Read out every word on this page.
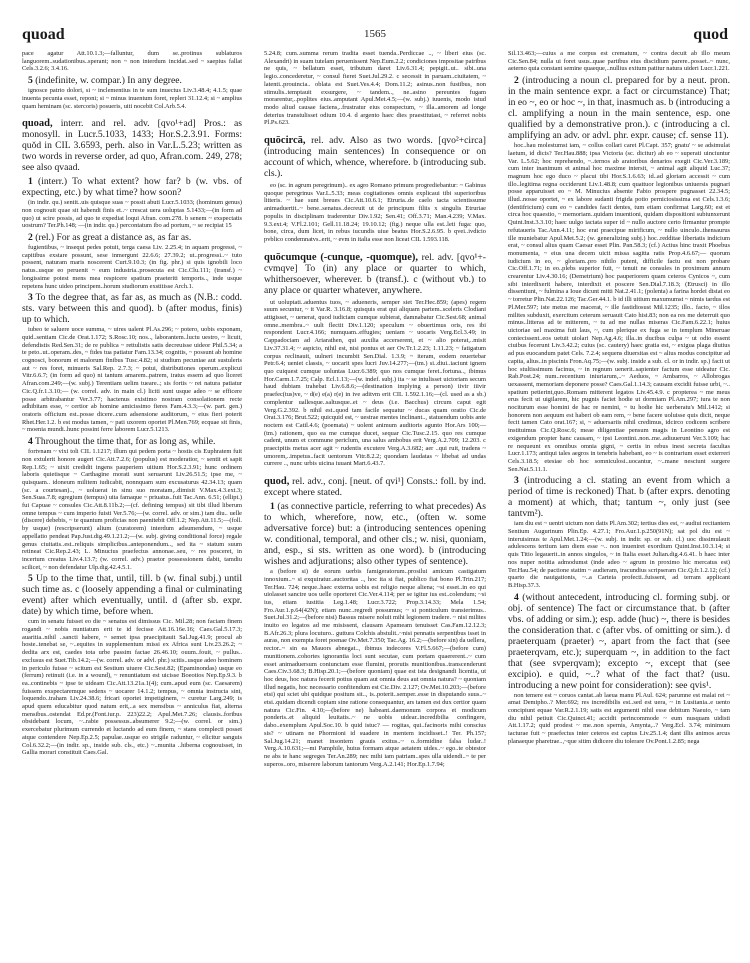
quoad	1565	quod

pace agatur Att.10.1.3;—falluntur, dum se..protinus sublaturos languorem..sudationibus..sperant; non ~ non interdum incidat..sed ~ saepius fallat Cels.3.2.6; 3.4.16.

5 (indefinite, w. compar.) In any degree.

ignosce patrio dolori, si ~ inclementius in te sum inuectus Liv.3.48.4; 4.1.5; quae inuenta pecunia esset, reponi; si ~ minus inuentum foret, repleri 31.12.4; si ~ amplius quam heminam (sc. stercoris) posueris, uiti nocebit Col.Arb.5.4.

quoad, interr. and rel. adv. [qvo¹+ad] Pros.: as monosyll. in Lucr.5.1033, 1433; Hor.S.2.3.91. Forms: quŏd in CIL 3.6593, perh. also in Var.L.5.23; written as two words in reverse order, ad quo, Afran.com. 249, 278; see also qvaad.

1 (interr.) To what extent? how far? b (w. vbs. of expecting, etc.) by what time? how soon?

(in indir. qu.) sentit..uis quisque suas ~ possit abuti Lucr.5.1033; (hominum genus) non cognouit quae sit habendi finis et..~ crescat uera uoluptas 5.1433;—(in form ad quo) ut scire possis, ad quo te expediat loqui Afran. com.278. b senem ~ exspectatis uostrum? Ter.Ph.148; —(in indir. qu.) percontatum ibo ad portum, ~ se recipiat 15

2 (rel.) For as great a distance as, as far as.

fugientibus, ~ insequi pedes potuit, terga caesa Liv. 2.25.4; in aquam progressi, ~ capitibus exstare possunt, sese inmergunt 22.6.6; 27.39.2; ut..progressi..~ tuto possent, naturam maris noscerent Curt.9.10.3; (in fig. phr.) si quis ignobili loco natus..usque eo peruenit ~ eum industria..prosecuta est Cic.Clu.111; (transf.) ~ longissime potest mens mea respicere spatium praeteriti temporis.., inde usque repetens hunc uideo principem..horum studiorum exstitisse Arch.1.

3 To the degree that, as far as, as much as (N.B.: codd. sts. vary between this and quod). b (after modus, finis) up to which.

iubeo te saluere uoce summa, ~ uires ualent Pl.As.296; ~ potero, uobis exponam, quid..sentiam Cic.de Orat.1.172; S.Rosc.10; nos.., laborantem..luctu uestro, ~ licuit, defendistis Red.Sen.31; de re publica ~ rettulistis satis decreuisse uideor Phil.5.34; a te peto..ut..operam..des, ~ fides tua patiatur Fam.13.34; cognitis, ~ possunt ab homine cognosci, bonorum et malorum finibus Tusc.4.82; si studium pecuniae aut sustuleris aut ~ res foret, minueris Sal.Rep. 2.7.3; ~ potui, distributiones operum..explicui Vitr.6.6.7; (in form ad quo) ni tantum amarem..patrem, iratus essem ad quo liceret Afran.com.249;—(w. subj.) Terentiam uelim tueare..; sis fortis ~ rei natura patiatur Cic.Q.fr.1.3.10;— (w. correl. adv. in main cl.) liciti sunt usque adeo ~ se efficere posse arbitrabantur Ver.3.77; hactenus existimo nostram consolationem recte adhibitam esse, ~ certior ab homine amicissimo fieres Fam.4.3.3;—(w. part. gen.) oratoris officium est..posse dicere..cum adsensione auditorum, ~ eius fieri poterit Rhet.Her.1.2. b est modus tamen, ~ pati uxorem oportet Pl.Men.769; ecquae sit finis, ~ moenia mundi..hunc possint ferre laborem Lucr.5.1213.

4 Throughout the time that, for as long as, while.

fortvnam ~ vixi toli CIL 1.1217; illum qui pedem porta ~ hostis cis Euphratem fuit non extulerit honore augeri Cic.Att.7.2.6; (populus) est moderatior, ~ sentit et sapit Rep.1.65; ~ uixit credidit ingens pauperiem uitium Hor.S.2.3.91; hunc ordinem laboris quietisque ~ Carthagine morati sunt seruarunt Liv.26.51.5; ipse me, ~ quisquam.. idoneum militem iudicabit, nonnquam sum excusaturus 42.34.13; quam (sc. a courtesan).., ~ uoluerat in sinu suo moratam,..dimisit V.Max.4.3.ext.3; Sen.Suas.7.8; egregium (tempus) uita famaque ~ priuatus..fuit Tac.Ann. 6.51; (ellipt.) fui Capuae ~ consules Cic.Att.8.11b.2;—(cf. defining tempus) sit tibi illud liberum omne tempus ~ cum imperio fuisti Ver.5.76;—(w. correl. adv. or sim.) tam diu.. uelle (discere) debebis, ~ te quantum proficias non paenitebit Off.1.2; Nep.Att.11.5;—(foll. by usque) (rescripserunt) alium (curatorem) interdum adsumendum, ~ usque appellatio pendeat Pap.Just.dig.49.1.21.2;—(w. subj. giving conditional force) regale genus ciuitatis..est..reliquis simplicibus..anteponendum.., sed ita ~ statum suum retineat Cic.Rep.2.43; L. Minucius praefectus annonae..seu, ~ res posceret, in incertum creatus Liv.4.13.7; (w. correl. adv.) praetor possessionem dabit, tamdiu scilicet, ~ non defendatur Ulp.dig.42.4.5.1.

5 Up to the time that, until, till. b (w. final subj.) until such time as. c (loosely appending a final or culminating event) after which eventually, until. d (after sb. expr. date) by which time, before when.

cum in senatu fuisset eo die ~ senatus est dimissus Cic. Mil.28; non faciam finem rogandi ~ nobis nuntiatum erit te id fecisse Att.16.16e.16; Caes.Gal.5.17.3; auaritia..nihil ..sancti habere, ~ semet ipsa praecipitauit Sal.Jug.41.9; procul ab hoste..tenebat se, ~..equites in supplementum missi ex Africa sunt Liv.23.26.2; ~ dedita arx est, caedes tota urbe passim factae 26.46.10; ouum..fouit, ~ pullus.. exclusus est Suet.Tib.14.2;—(w. correl. adv. or advl. phr.) scitis..usque adeo hominem in periculo fuisse ~ scitum est Sestium uiuere Cic.Sest.82; (Epaminondas) usque eo (ferrum) retinuit (i.e. in a wound), ~ renuntiatum est uicisse Boeotios Nep.Ep.9.3. b ea..continebis ~ ipse te uideam Cic.Att.13.21a.1(4); cum..apud eum (sc. Caesarem) fuissem exspectaremque sedens ~ uocarer 14.1.2; tempus, ~ omnia instructa sint, loquendo..traham Liv.24.38.6; fricari oportet impetiginem, ~ curetur Larg.249; is apud quem educabitur quod natum erit,..a sex mensibus ~ anniculus fiat, alterna mensibus..ostendat Ed.pr.(Font.iur.p. 223)22.2; Apul.Met.7.26; clausis..foribus obsidebant locum, ~..rabie possessus..absumerer 9.2;—(w. correl. or sim.) exercebatur plurimum currendo et luctando ad eum finem, ~ stans complecti posset atque contendere Nep.Ep.2.5; papulae..usque eo strigile raduntur, ~ elicitur sanguis Col.6.32.2;—(in indir. sp., inside sub. cls., etc.) ~..munita ..hiberna cognouisset, in Gallia morari constituit Caes.Gal.

5.24.8; cum..summa rerum tradita esset tuenda..Perdiccae .., ~ liberi eius (sc. Alexandri) in suam tutelam peruenissent Nep.Eum.2.2; condiciones impositae patribus ne quis, ~ bellatum esset, tributum daret Liv.6.31.4; pepigit..ut.. sibi..una legio..concederetur, ~ consul fieret Suet.Jul.29.2. c secessit in paruam..ciuitatem, ~ latenti..prouincia.. oblata est Suet.Ves.4.4; Dom.11.2; asinus..non fustibus, non stimulis..temptauit exsurgere, ~ tandem.., ne..asino pereuntes fugam morarentur,..poplites eius..amputant Apul.Met.4.5;—(w. subj.) iuuenis, modo istud modo aliud causae faciens,..frustratur eius conspectum, ~ illa..amorem ad longe deterius transtulisset odium 10.4. d argento haec dies praestitutast, ~ referret nobis Pl.Ps.623.

quōcircā, rel. adv. Also as two words. [qvo²+circa] (introducing main sentences) In consequence or on account of which, whence, wherefore. b (introducing sub. cls.).

eo (sc. in agrum peregrinum).. ex agro Romano primum progrediebantur: ~ Gabinus quoque peregrinus Var.L.5.33; meas cogitationes omnis explicaui tibi superioribus litteris. ~ hae sunt breues Cic.Att.10.6.1; Etruria..de caelo tacta scientissume animaduertit..~ bene..senatus..decreuit ut de principum filiis x singulis Etruriae populis in disciplinam traderentur Div.1.92; Sen.41; Off.3.71; Man.4.239; V.Max. 9.3.ext.4; V.Fl.2.101; Gell.11.18.24; 19.10.12; (fig.) neque ulla est..leti fuga: quo, bone, circa, dum licet, in rebus iucundis uiue beatus Hor.S.2.6.95. b qvei..ivdicio pvblico condemnatvs..erit, ~ evm in italia esse non liceat CIL 1.593.118.

quōcumque (-cunque, -quomque), rel. adv. [qvo¹+-cvmqve] To (in) any place or quarter to which, whithersoever, wherever. b (transf.). c (without vb.) to any place or quarter whatever, anywhere.

ut uoluptati..aduentus tuos, ~ adueneris, semper siet Ter.Hec.859; (apes) regem suum secuntur, ~ it Var.R. 3.16.8; quisquis erat qui aliquam partem..sceleris Clodiani attigisset, ~ uenerat, quod iudiciam cumque subierat, damnabatur Cic.Sest.68; animal omne..membra..~ uult flectit Div.1.120; speculum ~ obuertimus oris, res ibi respondent Lucr.4.166; numquam..effugies; ueniam ~ uocaris Verg.Ecl.3.49; in Cappadociam ad Ariarathen, qui auxilia accerserent, et ~ alio poterat,..misit Liv.37.31.4; ~ aspicio, nihil est, nisi pontus et aer Ov.Tr.1.2.23; 1.11.23; ~ fatigatum corpus reclinauit, uulneri incumbit Sen.Dial. 1.3.9; ~ iteram, eodem reuertebar Petr.6.4; ueniet classis, ~ uocarit spes lucri Juv.14.277;—(tm.) si..diui..iaciunt ignem quo cuiquest cumque uoluntas Lucr.6.389; quo nos cumque feret..fortuna.., ibimus Hor.Carm.1.7.25; Calp. Ecl.1.13;—(w. indef. subj.) ita ~ se intulisset uictoriam secum haud dubiam trahebat Liv.6.8.6;—(destination implying a person) iivir iiivir praefec(tus)ve, ~ d(e) e(a) r(e) in ive aditvm erit CIL 1.592.1.16;—(cl. used as a sb.) complentur uallesque..saltusque..et ~ deus (i.e. Bacchus) circum caput egit Verg.G.2.392. b nihil est..quod tam facile sequatur ~ ducas quam oratio Cic.de Orat.3.176; Brut.522; quicquid est, ~ uestrae mentes inclinant.., statuendum uobis ante noctem est Catil.4.6; (poemata) ~ uolent animum auditoris agunto Hor.Ars 100;—(tm.) rationem, quo ea me cumque ducet, sequar Cic.Tusc.2.15. quo res cumque cadent, unum et commune periclum, una salus ambobus erit Verg.A.2.709; 12.203. c praecipitis metus acer agit ~ rudentis excutere Verg.A.3.682; aer ..qui ruit, tradens ~ umorem,..impetus..facit uentorum Vitr.8.2.2; quondam laudatas ~ libebat ad undas currere .., nunc urbis uicina iuuant Mart.6.43.7.

quod, rel. adv., conj. [neut. of qvi¹] Consts.: foll. by ind. except where stated.

1 (as connective particle, referring to what precedes) As to which, wherefore, now, etc., (often w. some adversative force) but: a (introducing sentences opening w. conditional, temporal, and other cls.; w. nisi, quoniam, and, esp., si sts. written as one word). b (introducing wishes and adjurations; also other types of sentence).

a (before si) de eorum uerbis famigeratorum..prosilui amicum castigatum innoxium..~ si exquiratur..auctoritas .., hoc ita si fiat, publico fiat bono Pl.Trin.217; Ter.Hau. 724; neque..haec externa uobis est religio neque aliena; ~si esset..in eo qui uiolasset sancire uos uelle oporteret Cic.Ver.4.114; per se igitur ius est..colendum; ~si ius, etiam iustitia Leg.1.48; Lucr.3.722; Prop.3.14.33; Mela 1.54; Fro.Aur.1.p.64(42N); etiam nunc..regredi possumus; ~ si ponticulum transierimus.. Suet.Jul.31.2;—(before nisi) Bassus misere noluit mihi legionem tradere. ~ nisi milites inuito eo legatos ad me misissent, clausam Apameam tenuisset Cas.Fam.12.12.3; B.Afr.26.3; plura locuturo.. guttura Colchis abstulit..~nisi pennatis serpentibus isset in auras, non exempta foret poenae Ov.Met.7.350; Tac.Ag. 16.2;—(before sin) da uellera, rector..~ sin ea Mauors abnegat.., ibimus indecores V.Fl.5.667;—(before cum) munitionem..cohortes ignorantia loci sunt secutae, cum portam quaererent..~ cum esset animaduersum coniunctam esse flumini, prorutis munitionibus..transcenderunt Caes.Civ.3.68.3; B.Hisp.20.1;—(before quoniam) quae est ista designandi licentia, ut hoc deus, hoc natura fecerit potius quam aut omnia deus aut omnia natura? ~ quoniam illud negatis, hoc necessario confitendum est Cic.Div. 2.127; Ov.Met.10.203;—(before etsi) qui sciet ubi quidque positum sit.., is..poterit..semper..esse in disputando suus..~ etsi..quidam dicendi copiam sine ratione consequantur, ars tamen est dux certior quam natura Cic.Fin. 4.10;—(before ne) habeant..daemonum corpora et modicum ponderis..et aliquid leuitatis..~ ne uobis uidear..incredibilia confingere, dabo..exemplum Apul.Soc.10. b quid istuc? — rogitas, qui..facinoris mihi conscius sis? ~ utinam ne Phormioni id suadere in mentem incidisset..! Ter. Ph.157; Sal.Jug.14.21; manet insontem grauis exitus..~ o..formidine falsa ludar..! Verg.A.10.631;—mi Pamphile, huius formam atque aetatem uides..~ ego..te obtestor ne abs te hanc segreges Ter.An.289; nec mihi iam patriam..spes ulla uidendi..~ te per superos..oro, miserere laborum tantorum Verg.A.2.141; Hor.Ep.1.7.94;

Sil.13.463;—cuius a me corpus est crematum, ~ contra decuit ab illo meum Cic.Sen.84; nulla ui foret usus..quae partibus eius discidium parere..posset..~ nunc, aeterno quia constant semine quaeque,..nullius exitum patitur natura uideri Lucr.1.221.

2 (introducing a noun cl. prepared for by a neut. pron. in the main sentence expr. a fact or circumstance) That; in eo ~, eo or hoc ~, in that, inasmuch as. b (introducing a cl. amplifying a noun in the main sentence, esp. one qualified by a demonstrative pron.). c (introducing a cl. amplifying an adv. or advl. phr. expr. cause; cf. sense 11).

hoc..hau molestumst iam, ~ collus collari caret Pl.Capt. 357; gnatu' ~ se adsimulat laetum, id dicis? Ter.Hau.888; ipsa Victoria (sc. dicitur) ab eo ~ superati uinciuntur Var. L.5.62; hoc reprehendo, ~..ternos ab aratoribus denarios exegit Cic.Ver.3.189; cum inter inanimum et animal hoc maxime intersit, ~ animal agit aliquid Luc.37; magnum hoc ego duco ~ placui tibi Hor.S.1.6.63; id..ad gloriam accessit ~ cum illo..legitima regna occiderunt Liv.1.48.8; cum quattuor legionibus uniuersis pugnari posse apparuisset eo ~ M. Minucius absente Fabio prospere pugnasset 22.34.5; illud..nosse oportet, ~ ex labore sudanti frigida potio perniciosissima est Cels.1.3.6; (dentifricium) cum eo ~ candides facit dentes, tum etiam confirmat Larg.60; est et circa hoc quaestio, ~ memoriam..quidam inuentioni, quidam dispositioni subiunxerunt Quint.Inst.3.3.10; haec uulgo iactata super id ~ nullo auctore certo firmantur prompte refutaueris Tac.Ann.4.11; hoc erat praecipue mirificum, ~ nullo uinculo..thensaurus ille muniebatur Apul.Met.5.2; (w. generalizing subj.) hoc..redditae libertatis indicium erat, ~ consul alius quam Caesar esset Plin. Pan.58.3; (cf.) Actius hinc traxit Phoebus monumenta, ~ eius una decem uicit missa sagitta ratis Prop.4.6.67;— quorum iudicium in eo, ~ gloriam..pro nihilo putent, difficile factu est non probare Cic.Off.1.71; in eo..plebs superior fuit, ~ tenuit ne consules in proximum annum crearentur Liv.4.30.16; (Demetrium) hoc pauperiorem quam ceteros Cynicos ~, cum sibi interdixerit habere, interdixit et poscere Sen.Dial.7.18.3; (Etrusci) in illo dissentiunt, ~ fulmina a Ioue dicunt mitti Nat.2.41.1; (polenta) a farina hordei distat eo ~ torretur Plin.Nat.22.126; Tac.Ger.44.1. b id illi uitium maxumumst ~ nimis tardus est Pl.Mer.597; iste metus me macerat, ~ ille fastidiosust Mil.1235; illo.. facto, ~ illos milites subduxit, exercitum ceterum seruauit Cato hist.83; non ea res me deterruit quo minus..litteras ad te mitterem, ~ tu ad me nullas miseras Cic.Fam.6.22.1; huius uictoriae uel maxima fuit laus, ~, cum plerique ex fuga se in templum Mineruae coniecissent..eos uetuit uiolari Nep.Ag.4.6; illa..in ducibus culpa ~ ut odio essent ciuibus fecerunt Liv.3.42.2; cuius (sc. cautery) haec gratia est, ~ exigua plaga diutius ad pus euocandum patet Cels. 7.2.4; sequens diuersitas est ~ alius modus concipitur ad capita, alius..in piscinis Fron.Aq.75;—(w. subj. inside a sub. cl. or in indir. sp.) facit ut hoc stultissimum facinus, ~ in regnum uenerit..sapienter factum esse uideatur Cic. Rab.Post.24; num..recentium iniuriarum,..~ Aeduos, ~ Ambarros, ~ Allobrogas uexassent, memoriam deponere posse? Caes.Gal.1.14.3; causam excidii fuisse urbi, ~.. spatium petierint,quo..Romam mitterent legatos Liv.45.4.9. c propterea ~ me meus erus fecit ut uigilarem, hic pugnis faciet hodie ut dormiam Pl.Am.297; iura te non nociturum esse homini de hac re nemini, ~ tu hodie hic uerberatu's Mil.1412; si honorem non aequum est haberi ob eam rem, ~ bene facere uoluisse quis dicit, neque fecit tamen Cato orat.167; si, ~ aduersariis nihil credimus, idcirco codicem scribere instituimus Cic.Q.Rosc.6; meae diligentiae pensum magis in Leontino agro est exigendum propter hanc causam, ~ ipsi Leontini..non..me..adiuuerunt Ver.3.109; hac re nequeunt ex omnibus omnia gigni, ~ certis in rebus inest secreta facultas Lucr.1.173; antiqui tales aegros in tenebris habebant, eo ~ is contrarium esset exterreri Cels.3.18.5; etesiae ob hoc somniculosi..uocantur, ~..mane nesciunt surgere Sen.Nat.5.11.1.

3 (introducing a cl. stating an event from which a period of time is reckoned) That. b (after exprs. denoting a moment) at which, that; tantum ~, only just (see tantvm²).

iam diu est ~ uentri uictum non datis Pl.Am.302; tertius dies est, ~ audiui recitantem Sentium Augurinum Plin.Ep. 4.27.1; Fro.Aur.1.p.250(91N); sat pol diu est ~ interuisimus te Apul.Met.1.24;—(w. subj. in indir. sp. or sub. cl.) uoc dissimulauit adulescens tertium iam diem esse ~.. non inueniret exordium Quint.Inst.10.3.14; si quis Titio legauerit..in annos singulos, ~ in Italia esset Julian.dig.4.6.41. b haec inter nos nuper notitia admodumst (inde adeo ~ agrum in proximo hic mercatus est) Ter.Hau.54; de pactione statim ~ audieram, iracundius scripseram Cic.Q.fr.1.2.12; (cf.) quarto die nauigationis, ~..a Carteia profecti..fuissent, ad terram applicant B.Hisp.37.3.

4 (without antecedent, introducing cl. forming subj. or obj. of sentence) The fact or circumstance that. b (after vbs. of adding or sim.); esp. adde (huc) ~, there is besides the consideration that. c (after vbs. of omitting or sim.). d praeterquam (praeter) ~, apart from the fact that (see praeterqvam, etc.); superquam ~, in addition to the fact that (see svperqvam); excepto ~, except that (see excipio). e quid, ~..? what of the fact that? (usu. introducing a new point for consideration): see qvis¹.

non temere est ~ coruos cantat..ab laeua manu Pl.Aul. 624; parumne est malai rei ~ amat Demipho..? Mer.692; res incredibilis est..sed est uera, ~ in Lusitania..e uento concipiunt equae Var.R.2.1.19; satis est argumenti nihil esse debitum Naeuio, ~ tam diu nihil petiuit Cic.Quinct.41; accidit perincommode ~ eum nusquam uidisti Att.1.17.2; quid prodest ~ me..non spernis, Amynta,..? Verg.Ecl. 3.74; minimum iacturae fuit ~ praefectus inter ceteros est captus Liv.25.1.4; dant illis animos arcus planaeque pharetrae..,~que sitim didicere diu tolerare Ov.Pont.1.2.85; nega
